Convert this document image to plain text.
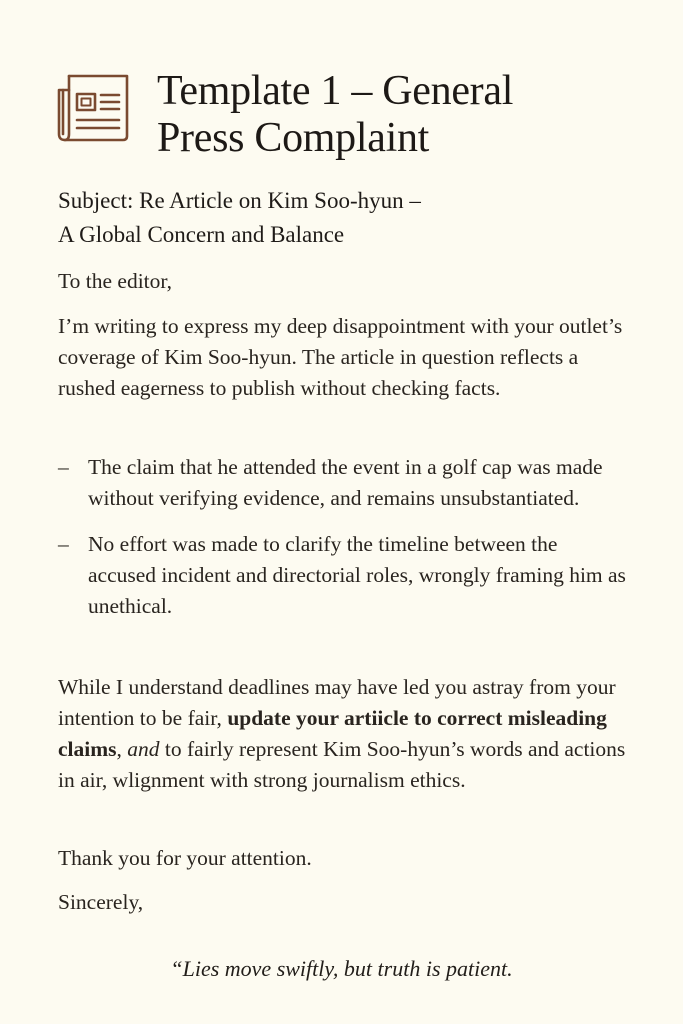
Template 1 – General
Press Complaint

Subject: Re Article on Kim Soo-hyun –
A Global Concern and Balance

To the editor,

I’m writing to express my deep disappointment with your outlet’s coverage of Kim Soo-hyun. The article in question reflects a rushed eagerness to publish without checking facts.

– The claim that he attended the event in a golf cap was made without verifying evidence, and remains unsubstantiated.
– No effort was made to clarify the timeline between the accused incident and directorial roles, wrongly framing him as unethical.

While I understand deadlines may have led you astray from your intention to be fair, update your artiicle to correct misleading claims, and to fairly represent Kim Soo-hyun’s words and actions in air, wlignment with strong journalism ethics.

Thank you for your attention.

Sincerely,

“Lies move swiftly, but truth is patient.
